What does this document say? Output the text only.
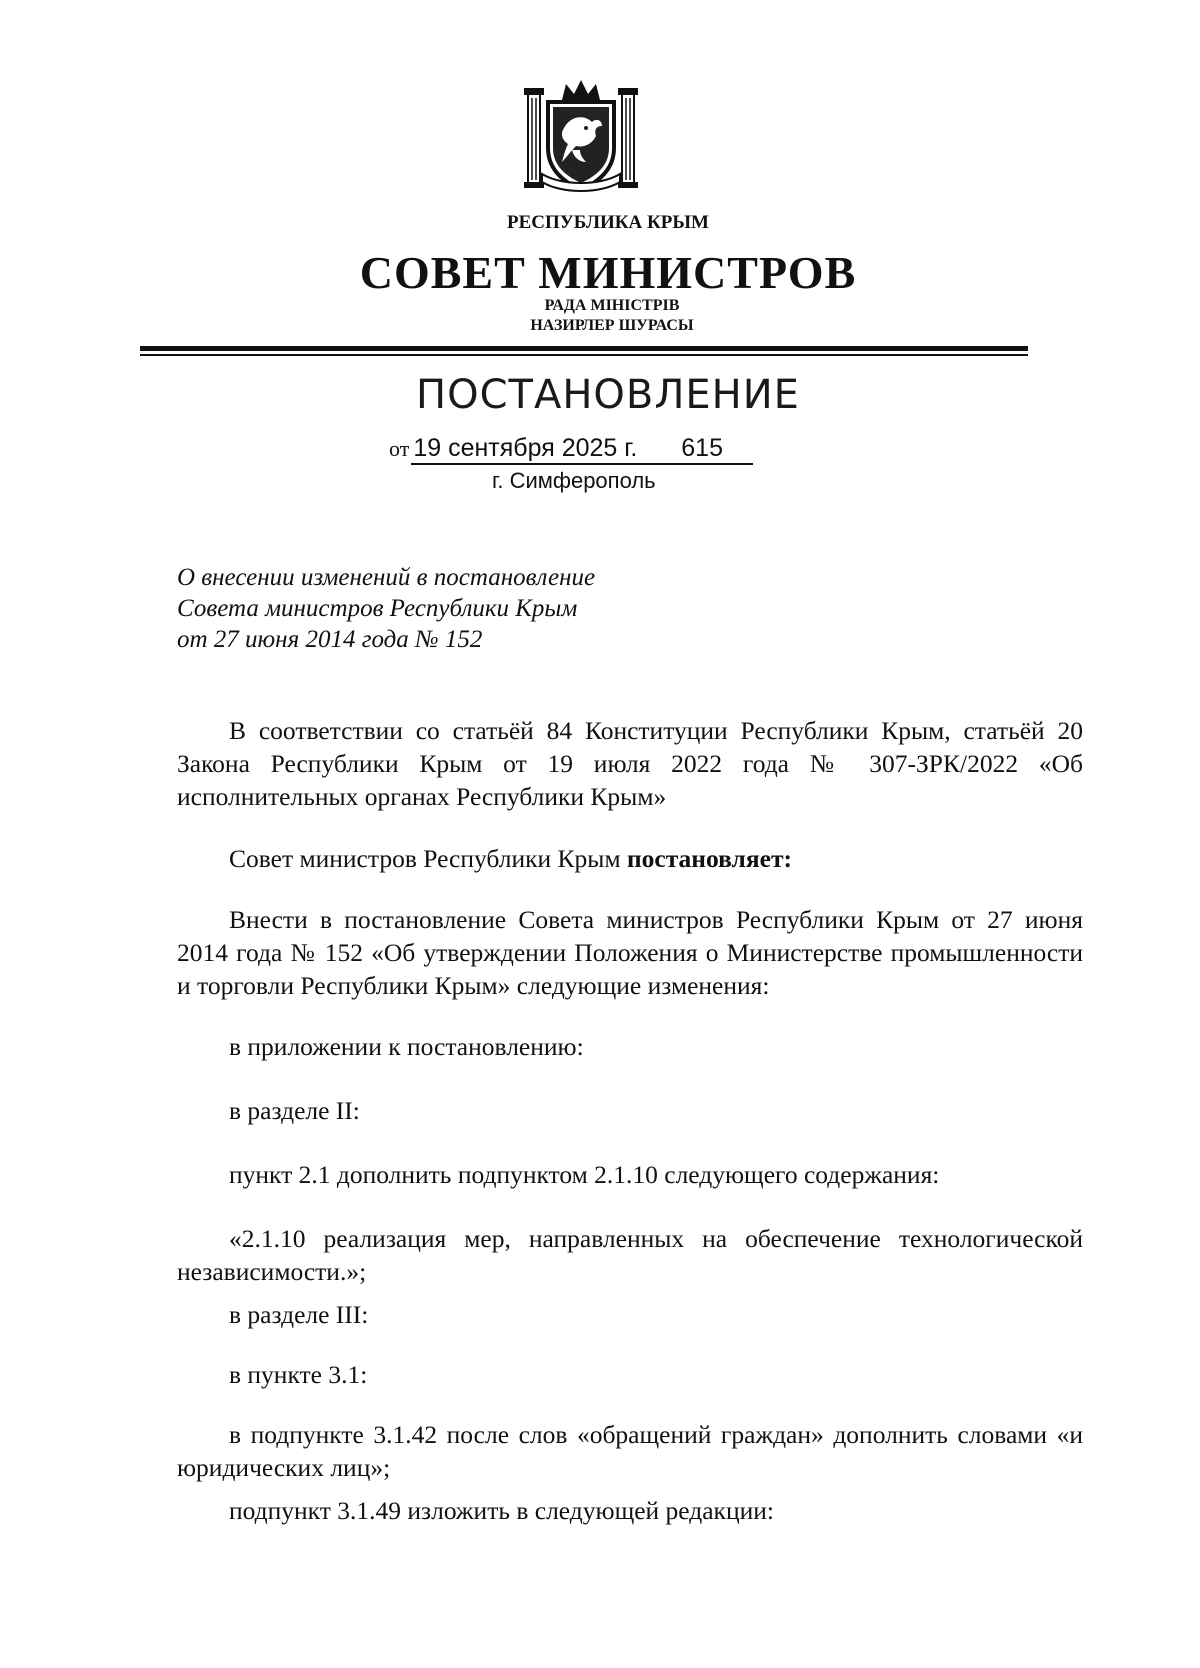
РЕСПУБЛИКА КРЫМ
СОВЕТ МИНИСТРОВ
РАДА МІНІСТРІВ
НАЗИРЛЕР ШУРАСЫ
ПОСТАНОВЛЕНИЕ
от 19 сентября 2025 г. 615
г. Симферополь
О внесении изменений в постановление
Совета министров Республики Крым
от 27 июня 2014 года № 152

В соответствии со статьёй 84 Конституции Республики Крым, статьёй 20 Закона Республики Крым от 19 июля 2022 года № 307-ЗРК/2022 «Об исполнительных органах Республики Крым»

Совет министров Республики Крым постановляет:

Внести в постановление Совета министров Республики Крым от 27 июня 2014 года № 152 «Об утверждении Положения о Министерстве промышленности и торговли Республики Крым» следующие изменения:

в приложении к постановлению:

в разделе II:

пункт 2.1 дополнить подпунктом 2.1.10 следующего содержания:

«2.1.10 реализация мер, направленных на обеспечение технологической независимости.»;

в разделе III:

в пункте 3.1:

в подпункте 3.1.42 после слов «обращений граждан» дополнить словами «и юридических лиц»;

подпункт 3.1.49 изложить в следующей редакции:
